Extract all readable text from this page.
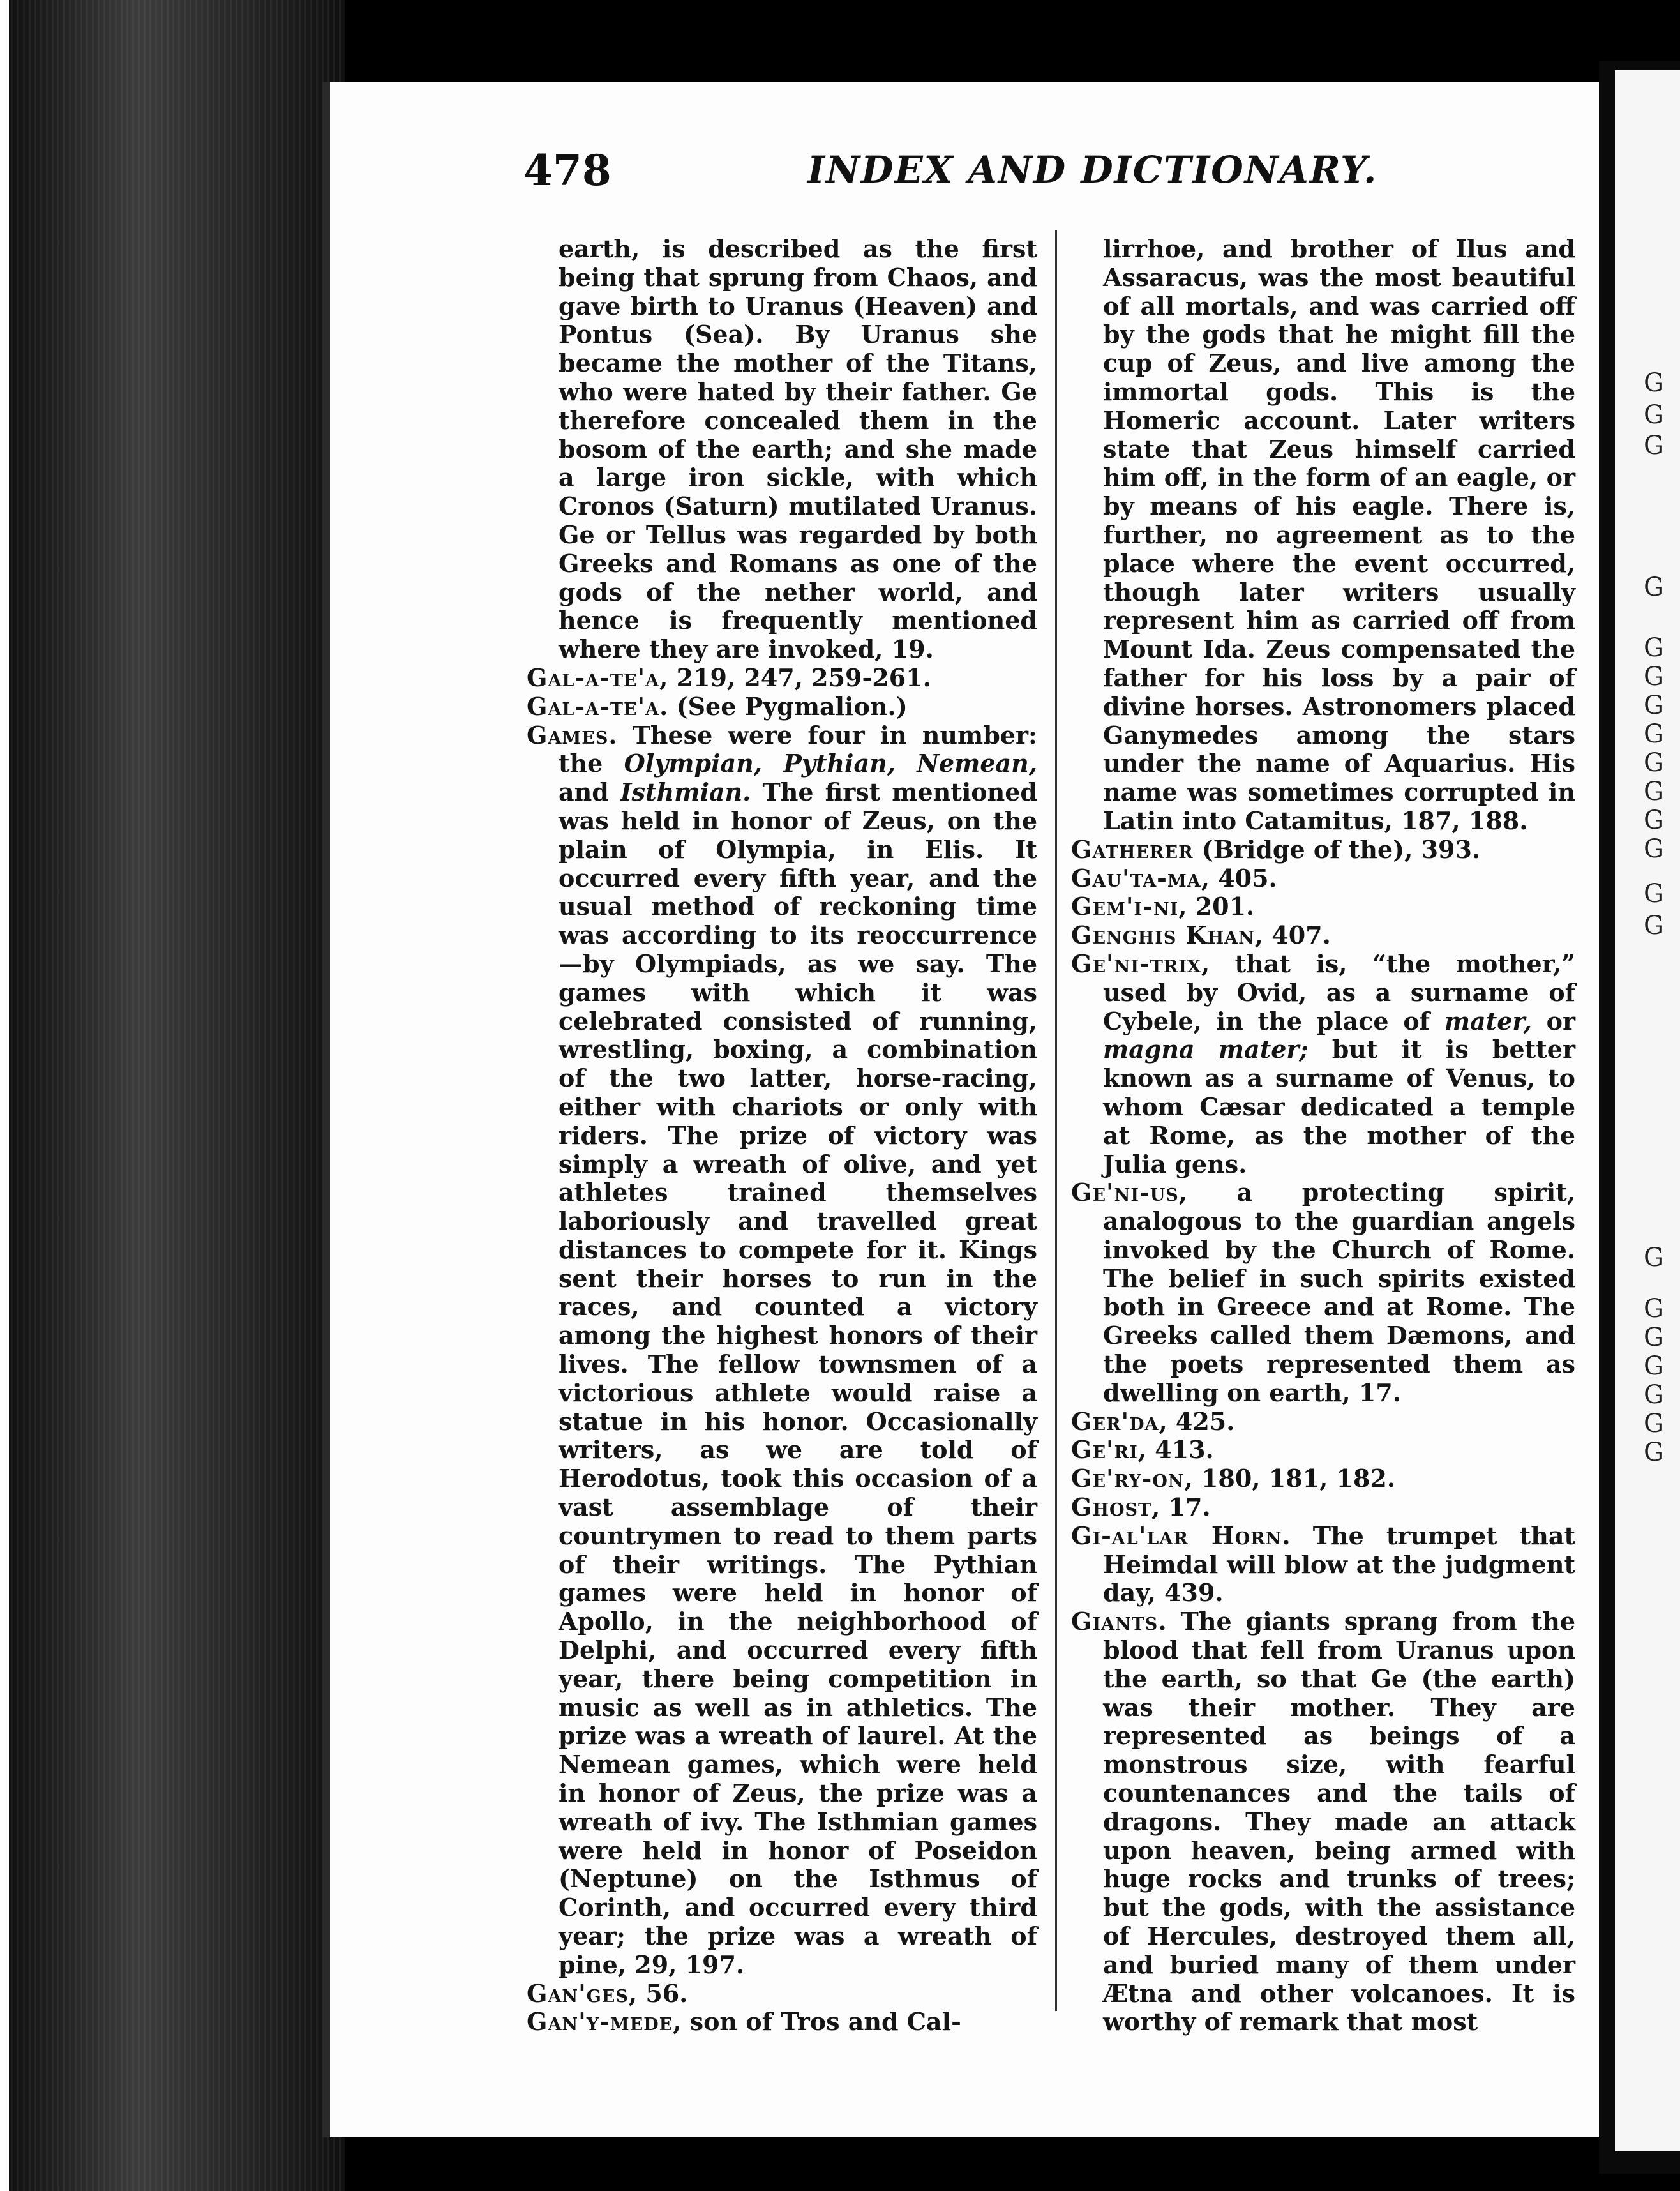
G
G
G
G
G
G
G
G
G
G
G
G
G
G
G
G
G
G
G
G
G
478	INDEX AND DICTIONARY.

earth, is described as the first being that sprung from Chaos, and gave birth to Uranus (Heaven) and Pontus (Sea). By Uranus she became the mother of the Titans, who were hated by their father. Ge therefore concealed them in the bosom of the earth; and she made a large iron sickle, with which Cronos (Saturn) mutilated Uranus. Ge or Tellus was regarded by both Greeks and Romans as one of the gods of the nether world, and hence is frequently mentioned where they are invoked, 19.

Gal-a-te'a, 219, 247, 259-261.

Gal-a-te'a. (See Pygmalion.)

Games. These were four in number: the Olympian, Pythian, Nemean, and Isthmian. The first mentioned was held in honor of Zeus, on the plain of Olympia, in Elis. It occurred every fifth year, and the usual method of reckoning time was according to its reoccurrence—by Olympiads, as we say. The games with which it was celebrated consisted of running, wrestling, boxing, a combination of the two latter, horse-racing, either with chariots or only with riders. The prize of victory was simply a wreath of olive, and yet athletes trained themselves laboriously and travelled great distances to compete for it. Kings sent their horses to run in the races, and counted a victory among the highest honors of their lives. The fellow townsmen of a victorious athlete would raise a statue in his honor. Occasionally writers, as we are told of Herodotus, took this occasion of a vast assemblage of their countrymen to read to them parts of their writings. The Pythian games were held in honor of Apollo, in the neighborhood of Delphi, and occurred every fifth year, there being competition in music as well as in athletics. The prize was a wreath of laurel. At the Nemean games, which were held in honor of Zeus, the prize was a wreath of ivy. The Isthmian games were held in honor of Poseidon (Neptune) on the Isthmus of Corinth, and occurred every third year; the prize was a wreath of pine, 29, 197.

Gan'ges, 56.

Gan'y-mede, son of Tros and Cal-

lirrhoe, and brother of Ilus and Assaracus, was the most beautiful of all mortals, and was carried off by the gods that he might fill the cup of Zeus, and live among the immortal gods. This is the Homeric account. Later writers state that Zeus himself carried him off, in the form of an eagle, or by means of his eagle. There is, further, no agreement as to the place where the event occurred, though later writers usually represent him as carried off from Mount Ida. Zeus compensated the father for his loss by a pair of divine horses. Astronomers placed Ganymedes among the stars under the name of Aquarius. His name was sometimes corrupted in Latin into Catamitus, 187, 188.

Gatherer (Bridge of the), 393.

Gau'ta-ma, 405.

Gem'i-ni, 201.

Genghis Khan, 407.

Ge'ni-trix, that is, “the mother,” used by Ovid, as a surname of Cybele, in the place of mater, or magna mater; but it is better known as a surname of Venus, to whom Cæsar dedicated a temple at Rome, as the mother of the Julia gens.

Ge'ni-us, a protecting spirit, analogous to the guardian angels invoked by the Church of Rome. The belief in such spirits existed both in Greece and at Rome. The Greeks called them Dæmons, and the poets represented them as dwelling on earth, 17.

Ger'da, 425.

Ge'ri, 413.

Ge'ry-on, 180, 181, 182.

Ghost, 17.

Gi-al'lar Horn. The trumpet that Heimdal will blow at the judgment day, 439.

Giants. The giants sprang from the blood that fell from Uranus upon the earth, so that Ge (the earth) was their mother. They are represented as beings of a monstrous size, with fearful countenances and the tails of dragons. They made an attack upon heaven, being armed with huge rocks and trunks of trees; but the gods, with the assistance of Hercules, destroyed them all, and buried many of them under Ætna and other volcanoes. It is worthy of remark that most
